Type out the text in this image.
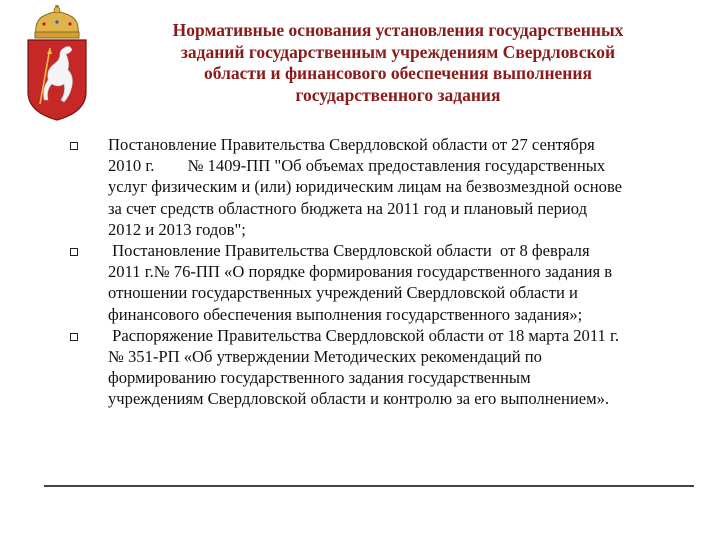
Нормативные основания установления государственных
заданий государственным учреждениям Свердловской
области и финансового обеспечения выполнения
государственного задания
Постановление Правительства Свердловской области от 27 сентября
2010 г.        № 1409-ПП "Об объемах предоставления государственных
услуг физическим и (или) юридическим лицам на безвозмездной основе
за счет средств областного бюджета на 2011 год и плановый период
2012 и 2013 годов";
Постановление Правительства Свердловской области  от 8 февраля
2011 г.№ 76-ПП «О порядке формирования государственного задания в
отношении государственных учреждений Свердловской области и
финансового обеспечения выполнения государственного задания»;
Распоряжение Правительства Свердловской области от 18 марта 2011 г.
№ 351-РП «Об утверждении Методических рекомендаций по
формированию государственного задания государственным
учреждениям Свердловской области и контролю за его выполнением».
